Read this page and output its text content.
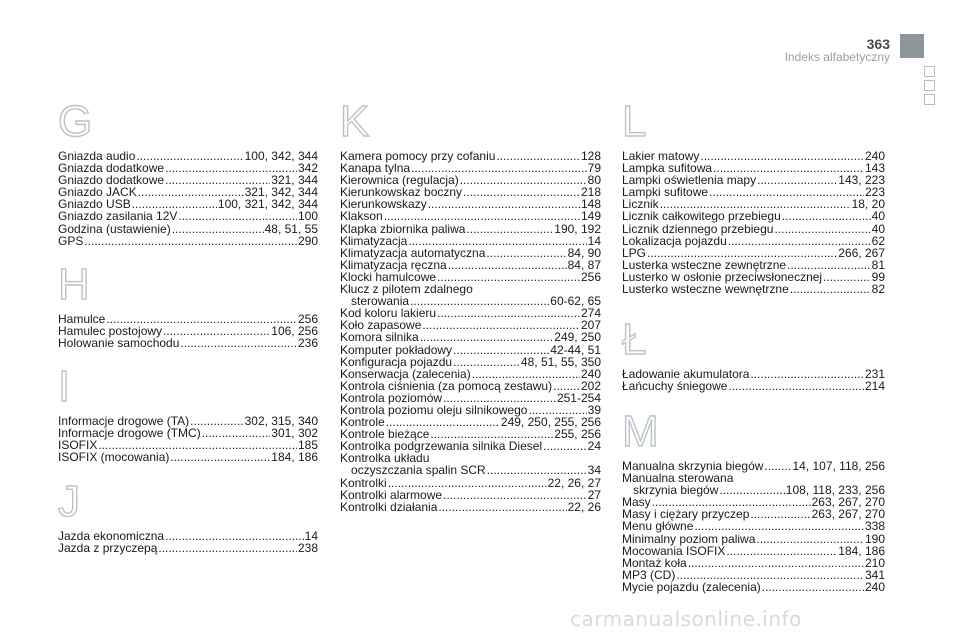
363
Indeks alfabetyczny
G
Gniazda audio .....	100, 342, 344
Gniazda dodatkowe .....	342
Gniazdo dodatkowe .....	321, 344
Gniazdo JACK .....	321, 342, 344
Gniazdo USB .....	100, 321, 342, 344
Gniazdo zasilania 12V .....	100
Godzina (ustawienie) .....	48, 51, 55
GPS .....	290
H
Hamulce .....	256
Hamulec postojowy .....	106, 256
Holowanie samochodu .....	236
I
Informacje drogowe (TA) .....	302, 315, 340
Informacje drogowe (TMC) .....	301, 302
ISOFIX .....	185
ISOFIX (mocowania) .....	184, 186
J
Jazda ekonomiczna .....	14
Jazda z przyczepą .....	238
K
Kamera pomocy przy cofaniu .....	128
Kanapa tylna .....	79
Kierownica (regulacja) .....	80
Kierunkowskaz boczny .....	218
Kierunkowskazy .....	148
Klakson .....	149
Klapka zbiornika paliwa .....	190, 192
Klimatyzacja .....	14
Klimatyzacja automatyczna .....	84, 90
Klimatyzacja ręczna .....	84, 87
Klocki hamulcowe .....	256
Klucz z pilotem zdalnego
sterowania .....	60-62, 65
Kod koloru lakieru .....	274
Koło zapasowe .....	207
Komora silnika .....	249, 250
Komputer pokładowy .....	42-44, 51
Konfiguracja pojazdu .....	48, 51, 55, 350
Konserwacja (zalecenia) .....	240
Kontrola ciśnienia (za pomocą zestawu) ..... 202
Kontrola poziomów .....	251-254
Kontrola poziomu oleju silnikowego .....	39
Kontrole .....	249, 250, 255, 256
Kontrole bieżące .....	255, 256
Kontrolka podgrzewania silnika Diesel .....	24
Kontrolka układu
oczyszczania spalin SCR .....	34
Kontrolki .....	22, 26, 27
Kontrolki alarmowe .....	27
Kontrolki działania .....	22, 26
L
Lakier matowy .....	240
Lampka sufitowa .....	143
Lampki oświetlenia mapy .....	143, 223
Lampki sufitowe .....	223
Licznik .....	18, 20
Licznik całkowitego przebiegu .....	40
Licznik dziennego przebiegu .....	40
Lokalizacja pojazdu .....	62
LPG .....	266, 267
Lusterka wsteczne zewnętrzne .....	81
Lusterko w osłonie przeciwsłonecznej .....	99
Lusterko wsteczne wewnętrzne .....	82
Ł
Ładowanie akumulatora .....	231
Łańcuchy śniegowe .....	214
M
Manualna skrzynia biegów ..... 14, 107, 118, 256
Manualna sterowana
skrzynia biegów .....	108, 118, 233, 256
Masy .....	263, 267, 270
Masy i ciężary przyczep .....	263, 267, 270
Menu główne .....	338
Minimalny poziom paliwa .....	190
Mocowania ISOFIX .....	184, 186
Montaż koła .....	210
MP3 (CD) .....	341
Mycie pojazdu (zalecenia) .....	240
carmanualsonline.info
